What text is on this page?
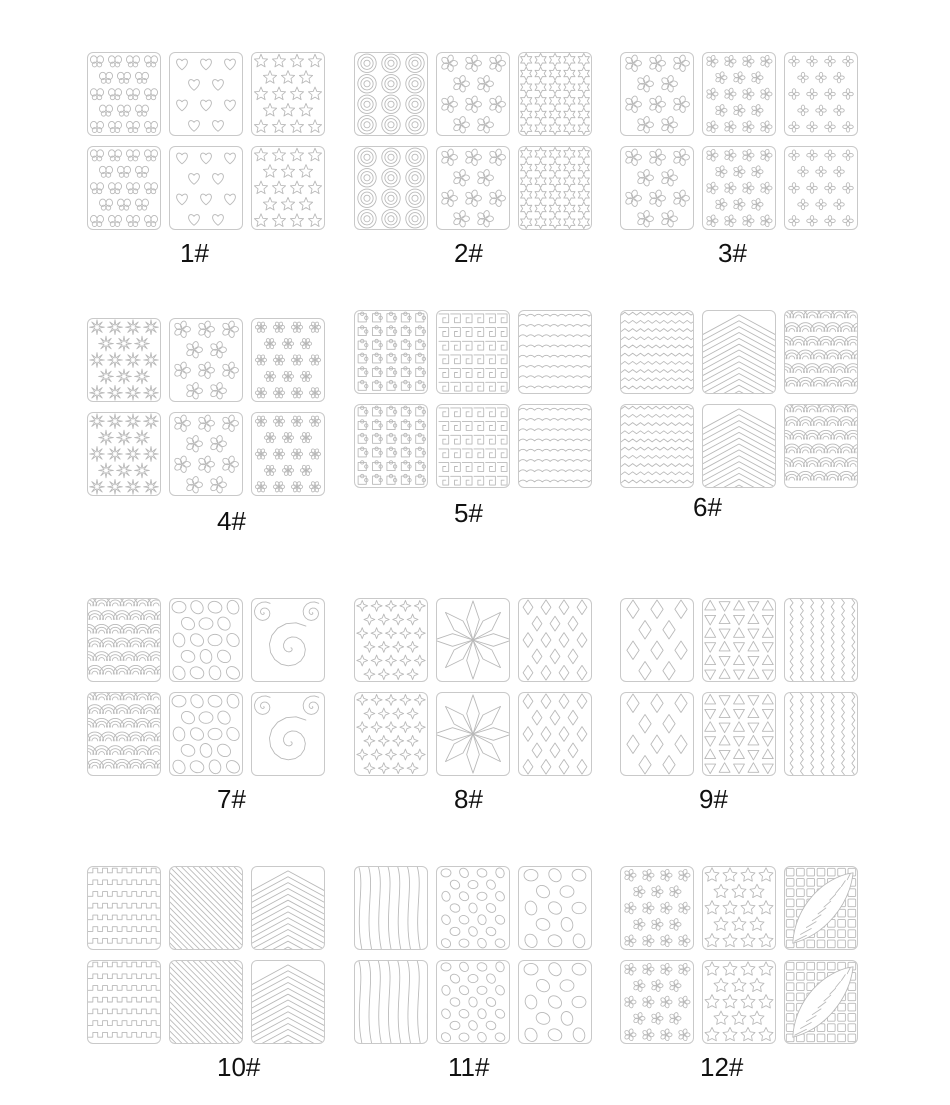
1#	2#	3#
4#	5#	6#
7#	8#	9#
10#	11#	12#
